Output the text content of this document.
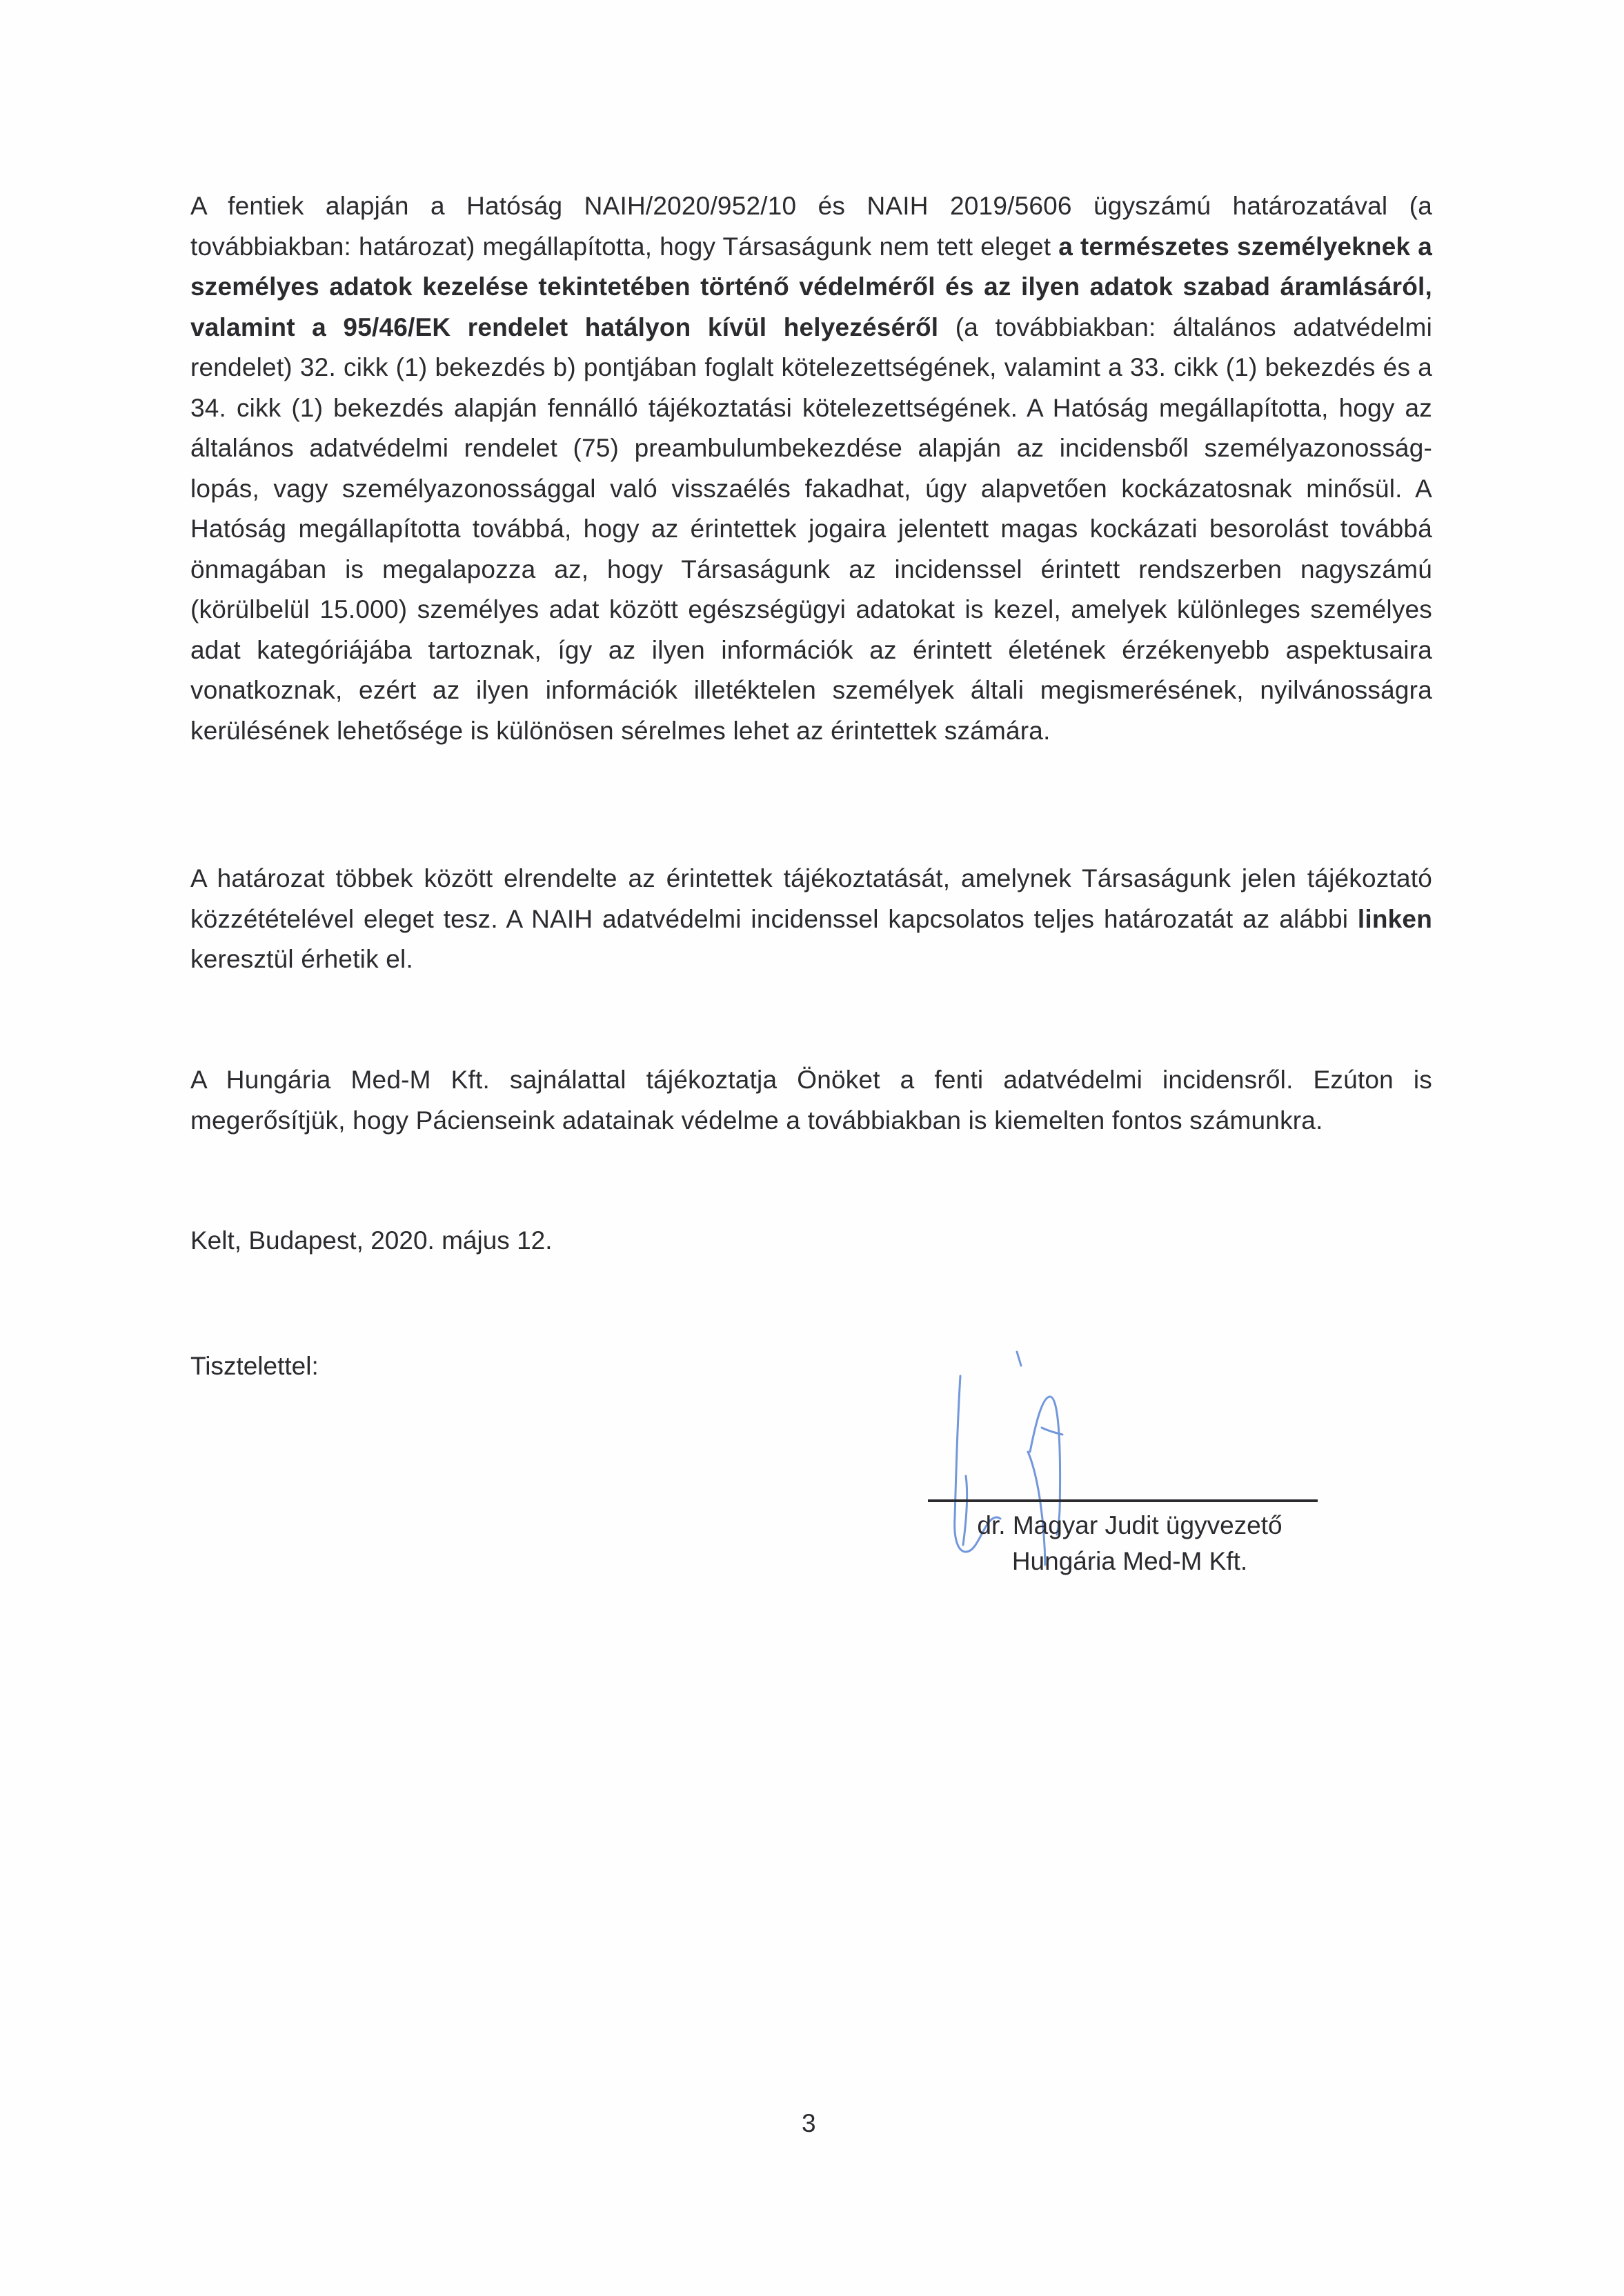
A fentiek alapján a Hatóság NAIH/2020/952/10 és NAIH 2019/5606 ügyszámú határozatával (a továbbiakban: határozat) megállapította, hogy Társaságunk nem tett eleget a természetes személyeknek a személyes adatok kezelése tekintetében történő védelméről és az ilyen adatok szabad áramlásáról, valamint a 95/46/EK rendelet hatályon kívül helyezéséről (a továbbiakban: általános adatvédelmi rendelet) 32. cikk (1) bekezdés b) pontjában foglalt kötelezettségének, valamint a 33. cikk (1) bekezdés és a 34. cikk (1) bekezdés alapján fennálló tájékoztatási kötelezettségének. A Hatóság megállapította, hogy az általános adatvédelmi rendelet (75) preambulumbekezdése alapján az incidensből személyazonosság-lopás, vagy személyazonossággal való visszaélés fakadhat, úgy alapvetően kockázatosnak minősül. A Hatóság megállapította továbbá, hogy az érintettek jogaira jelentett magas kockázati besorolást továbbá önmagában is megalapozza az, hogy Társaságunk az incidenssel érintett rendszerben nagyszámú (körülbelül 15.000) személyes adat között egészségügyi adatokat is kezel, amelyek különleges személyes adat kategóriájába tartoznak, így az ilyen információk az érintett életének érzékenyebb aspektusaira vonatkoznak, ezért az ilyen információk illetéktelen személyek általi megismerésének, nyilvánosságra kerülésének lehetősége is különösen sérelmes lehet az érintettek számára.
A határozat többek között elrendelte az érintettek tájékoztatását, amelynek Társaságunk jelen tájékoztató közzétételével eleget tesz. A NAIH adatvédelmi incidenssel kapcsolatos teljes határozatát az alábbi linken keresztül érhetik el.
A Hungária Med-M Kft. sajnálattal tájékoztatja Önöket a fenti adatvédelmi incidensről. Ezúton is megerősítjük, hogy Pácienseink adatainak védelme a továbbiakban is kiemelten fontos számunkra.
Kelt, Budapest, 2020. május 12.
Tisztelettel:
dr. Magyar Judit ügyvezető
Hungária Med-M Kft.
3
